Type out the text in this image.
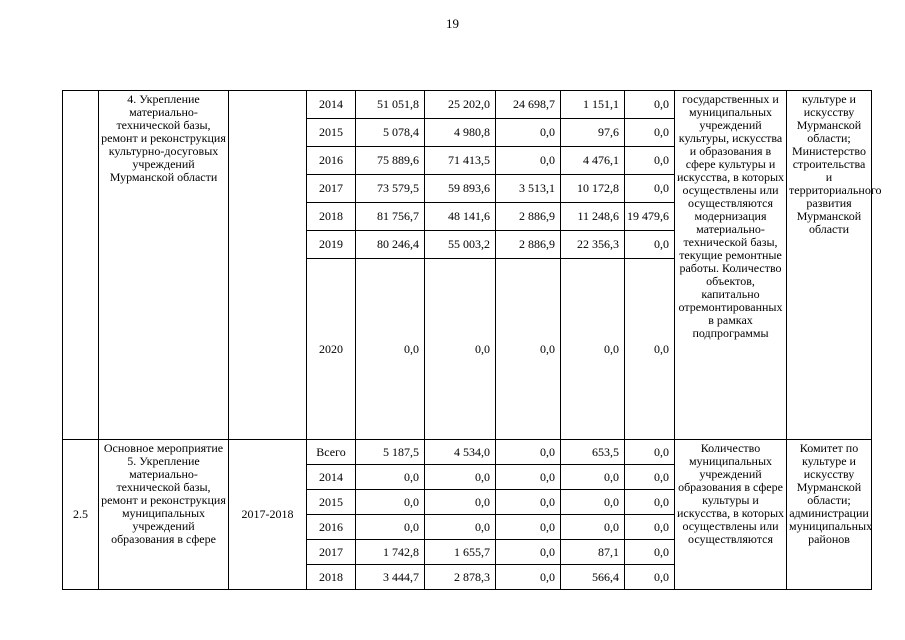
19
	4. Укрепление материально-технической базы, ремонт и реконструкция культурно-досуговых учреждений Мурманской области		2014	51 051,8	25 202,0	24 698,7	1 151,1	0,0	государственных и муниципальных учреждений культуры, искусства и образования в сфере культуры и искусства, в которых осуществлены или осуществляются модернизация материально-технической базы, текущие ремонтные работы. Количество объектов, капитально отремонтированных в рамках подпрограммы	культуре и искусству Мурманской области; Министерство строительства и территориального развития Мурманской области
			2015	5 078,4	4 980,8	0,0	97,6	0,0		
			2016	75 889,6	71 413,5	0,0	4 476,1	0,0		
			2017	73 579,5	59 893,6	3 513,1	10 172,8	0,0		
			2018	81 756,7	48 141,6	2 886,9	11 248,6	19 479,6		
			2019	80 246,4	55 003,2	2 886,9	22 356,3	0,0		
			2020	0,0	0,0	0,0	0,0	0,0		
2.5	Основное мероприятие 5. Укрепление материально-технической базы, ремонт и реконструкция муниципальных учреждений образования в сфере	2017-2018	Всего	5 187,5	4 534,0	0,0	653,5	0,0	Количество муниципальных учреждений образования в сфере культуры и искусства, в которых осуществлены или осуществляются	Комитет по культуре и искусству Мурманской области; администрации муниципальных районов
			2014	0,0	0,0	0,0	0,0	0,0		
			2015	0,0	0,0	0,0	0,0	0,0		
			2016	0,0	0,0	0,0	0,0	0,0		
			2017	1 742,8	1 655,7	0,0	87,1	0,0		
			2018	3 444,7	2 878,3	0,0	566,4	0,0		
